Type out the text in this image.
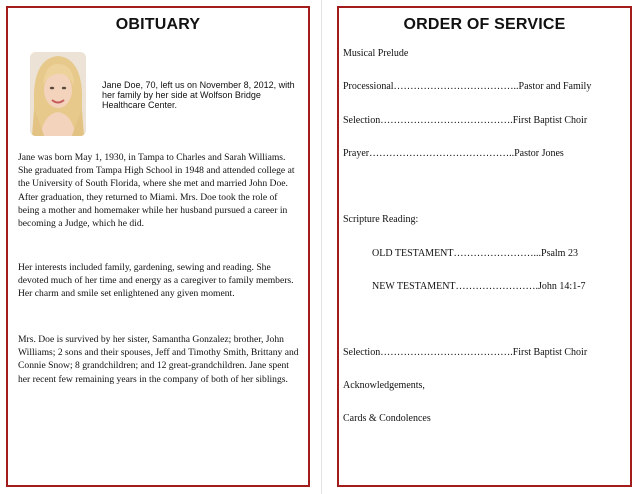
OBITUARY
Jane Doe, 70, left us on November 8, 2012, with her family by her side at Wolfson Bridge Healthcare Center.
Jane was born May 1, 1930, in Tampa to Charles and Sarah Williams. She graduated from Tampa High School in 1948 and attended college at the University of South Florida, where she met and married John Doe. After graduation, they returned to Miami. Mrs. Doe took the role of being a mother and homemaker while her husband pursued a career in becoming a Judge, which he did.
Her interests included family, gardening, sewing and reading. She devoted much of her time and energy as a caregiver to family members. Her charm and smile set enlightened any given moment.
Mrs. Doe is survived by her sister, Samantha Gonzalez; brother, John Williams; 2 sons and their spouses, Jeff and Timothy Smith, Brittany and Connie Snow; 8 grandchildren; and 12 great-grandchildren. Jane spent her recent few remaining years in the company of both of her siblings.
ORDER OF SERVICE
Musical Prelude
Processional………………………………..Pastor and Family
Selection………………………………….First Baptist Choir
Prayer……………………………………..Pastor Jones
Scripture Reading:
OLD TESTAMENT……………………...Psalm 23
NEW TESTAMENT…………………….John 14:1-7
Selection………………………………….First Baptist Choir
Acknowledgements,
Cards & Condolences
